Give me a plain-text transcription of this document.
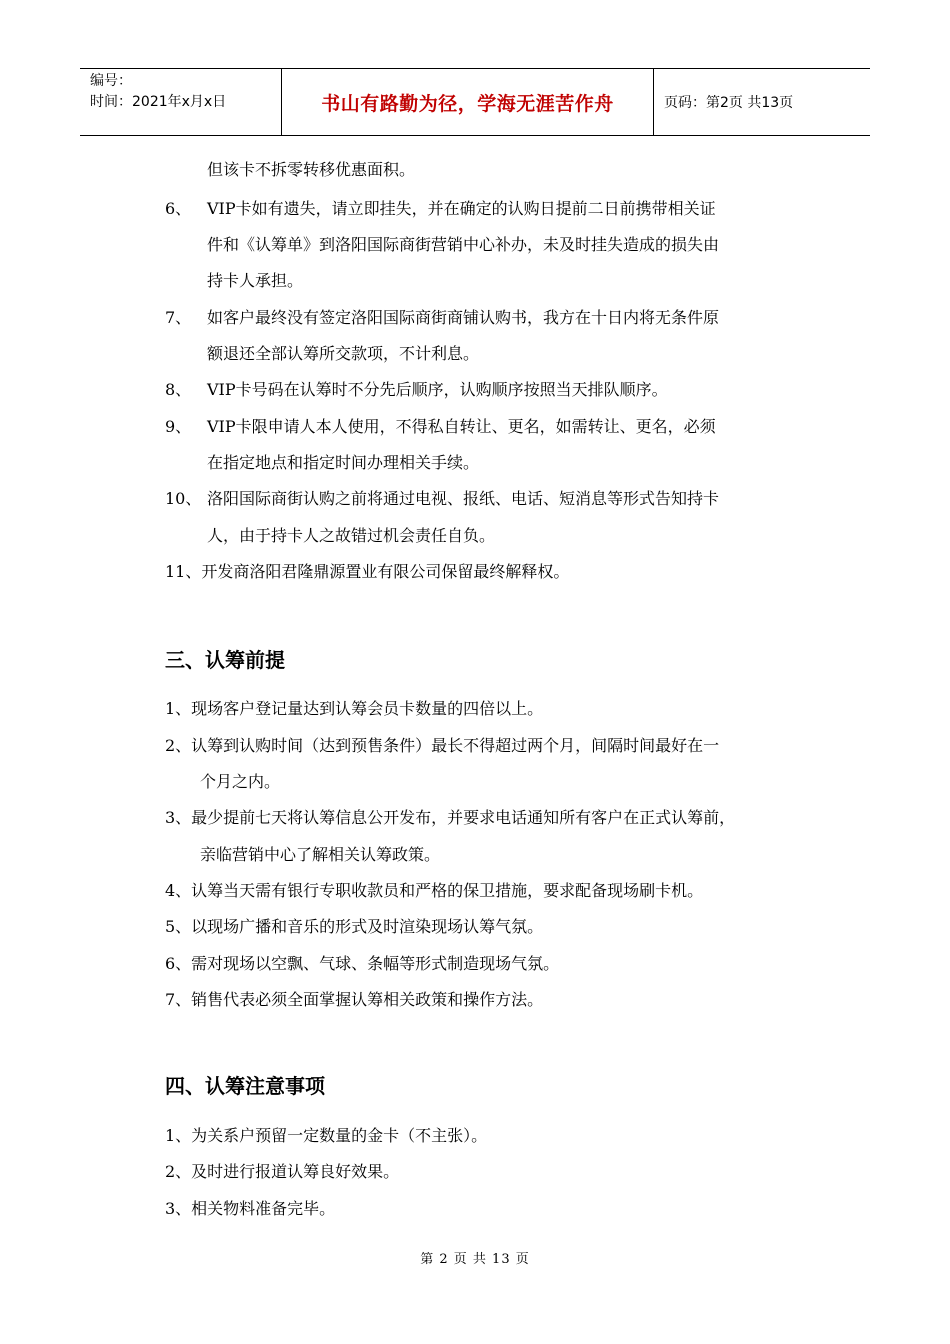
编号：
时间：2021年x月x日	书山有路勤为径，学海无涯苦作舟	页码：第2页 共13页
但该卡不拆零转移优惠面积。
6、 VIP卡如有遗失，请立即挂失，并在确定的认购日提前二日前携带相关证
件和《认筹单》到洛阳国际商街营销中心补办，未及时挂失造成的损失由
持卡人承担。
7、 如客户最终没有签定洛阳国际商街商铺认购书，我方在十日内将无条件原
额退还全部认筹所交款项，不计利息。
8、 VIP卡号码在认筹时不分先后顺序，认购顺序按照当天排队顺序。
9、 VIP卡限申请人本人使用，不得私自转让、更名，如需转让、更名，必须
在指定地点和指定时间办理相关手续。
10、 洛阳国际商街认购之前将通过电视、报纸、电话、短消息等形式告知持卡
人，由于持卡人之故错过机会责任自负。
11、开发商洛阳君隆鼎源置业有限公司保留最终解释权。
三、认筹前提
1、现场客户登记量达到认筹会员卡数量的四倍以上。
2、认筹到认购时间（达到预售条件）最长不得超过两个月，间隔时间最好在一
个月之内。
3、最少提前七天将认筹信息公开发布，并要求电话通知所有客户在正式认筹前，
亲临营销中心了解相关认筹政策。
4、认筹当天需有银行专职收款员和严格的保卫措施，要求配备现场刷卡机。
5、以现场广播和音乐的形式及时渲染现场认筹气氛。
6、需对现场以空飘、气球、条幅等形式制造现场气氛。
7、销售代表必须全面掌握认筹相关政策和操作方法。
四、认筹注意事项
1、为关系户预留一定数量的金卡（不主张）。
2、及时进行报道认筹良好效果。
3、相关物料准备完毕。
第 2 页 共 13 页
